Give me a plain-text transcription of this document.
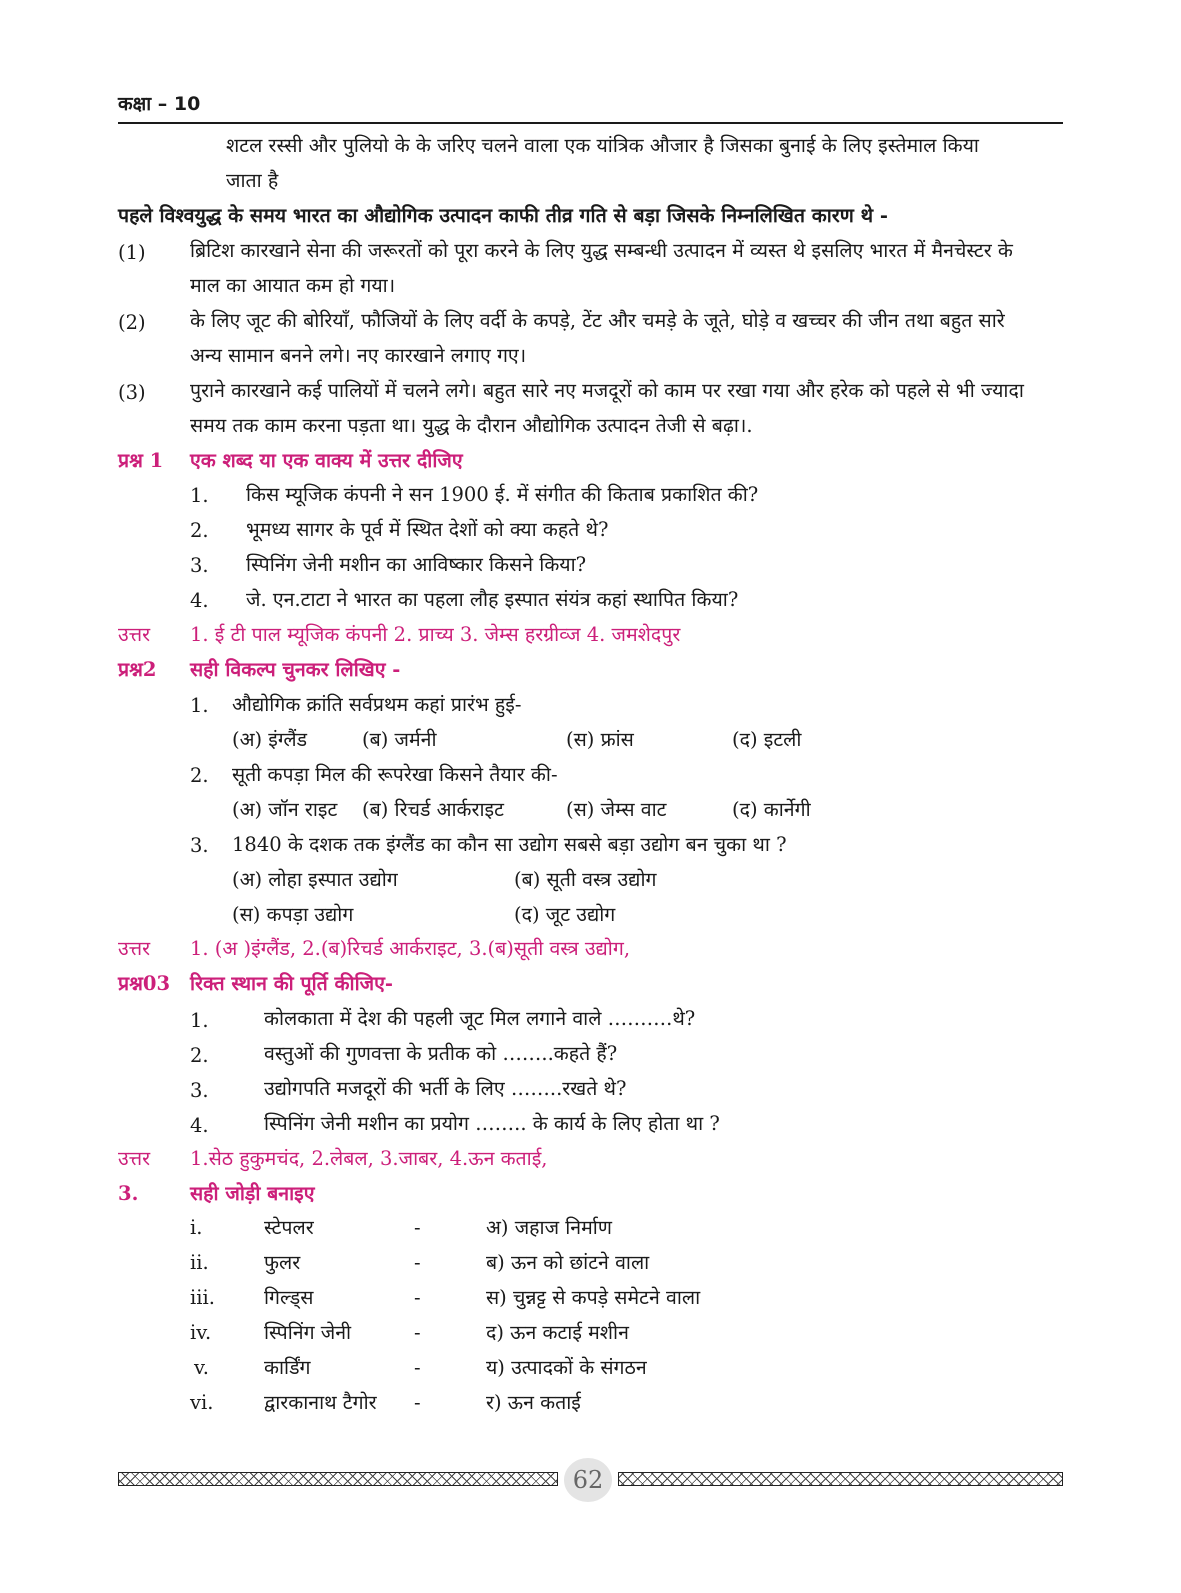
कक्षा – 10
शटल रस्सी और पुलियो के के जरिए चलने वाला एक यांत्रिक औजार है जिसका बुनाई के लिए इस्तेमाल किया
जाता है
पहले विश्वयुद्ध के समय भारत का औद्योगिक उत्पादन काफी तीव्र गति से बड़ा जिसके निम्नलिखित कारण थे -
(1) ब्रिटिश कारखाने सेना की जरूरतों को पूरा करने के लिए युद्ध सम्बन्धी उत्पादन में व्यस्त थे इसलिए भारत में मैनचेस्टर के
माल का आयात कम हो गया।
(2) के लिए जूट की बोरियाँ, फौजियों के लिए वर्दी के कपड़े, टेंट और चमड़े के जूते, घोड़े व खच्चर की जीन तथा बहुत सारे
अन्य सामान बनने लगे। नए कारखाने लगाए गए।
(3) पुराने कारखाने कई पालियों में चलने लगे। बहुत सारे नए मजदूरों को काम पर रखा गया और हरेक को पहले से भी ज्यादा
समय तक काम करना पड़ता था। युद्ध के दौरान औद्योगिक उत्पादन तेजी से बढ़ा।.
प्रश्न 1 एक शब्द या एक वाक्य में उत्तर दीजिए
1. किस म्यूजिक कंपनी ने सन 1900 ई. में संगीत की किताब प्रकाशित की?
2. भूमध्य सागर के पूर्व में स्थित देशों को क्या कहते थे?
3. स्पिनिंग जेनी मशीन का आविष्कार किसने किया?
4. जे. एन.टाटा ने भारत का पहला लौह इस्पात संयंत्र कहां स्थापित किया?
उत्तर 1. ई टी पाल म्यूजिक कंपनी 2. प्राच्य 3. जेम्स हरग्रीव्ज 4. जमशेदपुर
प्रश्न2 सही विकल्प चुनकर लिखिए -
1. औद्योगिक क्रांति सर्वप्रथम कहां प्रारंभ हुई-
(अ) इंग्लैंड	(ब) जर्मनी	(स) फ्रांस	(द) इटली
2. सूती कपड़ा मिल की रूपरेखा किसने तैयार की-
(अ) जॉन राइट (ब) रिचर्ड आर्कराइट	(स) जेम्स वाट	(द) कार्नेगी
3. 1840 के दशक तक इंग्लैंड का कौन सा उद्योग सबसे बड़ा उद्योग बन चुका था ?
(अ) लोहा इस्पात उद्योग	(ब) सूती वस्त्र उद्योग
(स) कपड़ा उद्योग	(द) जूट उद्योग
उत्तर 1. (अ )इंग्लैंड, 2.(ब)रिचर्ड आर्कराइट, 3.(ब)सूती वस्त्र उद्योग,
प्रश्न03 रिक्त स्थान की पूर्ति कीजिए-
1.	कोलकाता में देश की पहली जूट मिल लगाने वाले ……….थे?
2.	वस्तुओं की गुणवत्ता के प्रतीक को ……..कहते हैं?
3.	उद्योगपति मजदूरों की भर्ती के लिए ……..रखते थे?
4.	स्पिनिंग जेनी मशीन का प्रयोग …….. के कार्य के लिए होता था ?
उत्तर 1.सेठ हुकुमचंद, 2.लेबल, 3.जाबर, 4.ऊन कताई,
3.	सही जोड़ी बनाइए
i.	स्टेपलर	-	अ) जहाज निर्माण
ii.	फुलर	-	ब) ऊन को छांटने वाला
iii.	गिल्ड्स	-	स) चुन्नट्ट से कपड़े समेटने वाला
iv.	स्पिनिंग जेनी	-	द) ऊन कटाई मशीन
v.	कार्डिंग	-	य) उत्पादकों के संगठन
vi.	द्वारकानाथ टैगोर -	र) ऊन कताई
62
